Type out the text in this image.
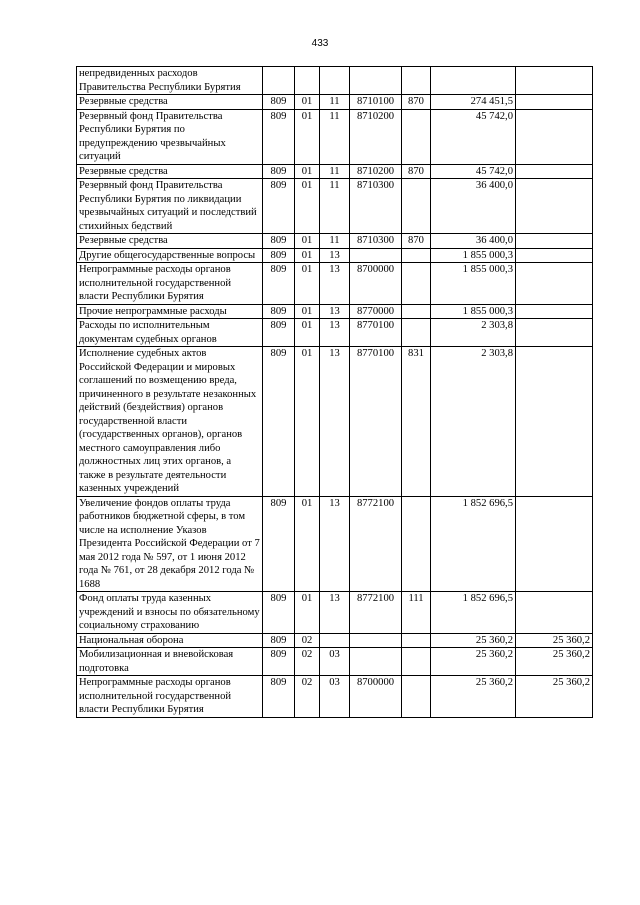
433
непредвиденных расходов Правительства Республики Бурятия							
Резервные средства	809	01	11	8710100	870	274 451,5	
Резервный фонд Правительства Республики Бурятия по предупреждению чрезвычайных ситуаций	809	01	11	8710200		45 742,0	
Резервные средства	809	01	11	8710200	870	45 742,0	
Резервный фонд Правительства Республики Бурятия по ликвидации чрезвычайных ситуаций и последствий стихийных бедствий	809	01	11	8710300		36 400,0	
Резервные средства	809	01	11	8710300	870	36 400,0	
Другие общегосударственные вопросы	809	01	13			1 855 000,3	
Непрограммные расходы органов исполнительной государственной власти Республики Бурятия	809	01	13	8700000		1 855 000,3	
Прочие непрограммные расходы	809	01	13	8770000		1 855 000,3	
Расходы по исполнительным документам судебных органов	809	01	13	8770100		2 303,8	
Исполнение судебных актов Российской Федерации и мировых соглашений по возмещению вреда, причиненного в результате незаконных действий (бездействия) органов государственной власти (государственных органов), органов местного самоуправления либо должностных лиц этих органов, а также в результате деятельности казенных учреждений	809	01	13	8770100	831	2 303,8	
Увеличение фондов оплаты труда работников бюджетной сферы, в том числе на исполнение Указов Президента Российской Федерации от 7 мая 2012 года № 597, от 1 июня 2012 года № 761, от 28 декабря 2012 года № 1688	809	01	13	8772100		1 852 696,5	
Фонд оплаты труда казенных учреждений и взносы по обязательному социальному страхованию	809	01	13	8772100	111	1 852 696,5	
Национальная оборона	809	02				25 360,2	25 360,2
Мобилизационная и вневойсковая подготовка	809	02	03			25 360,2	25 360,2
Непрограммные расходы органов исполнительной государственной власти Республики Бурятия	809	02	03	8700000		25 360,2	25 360,2
